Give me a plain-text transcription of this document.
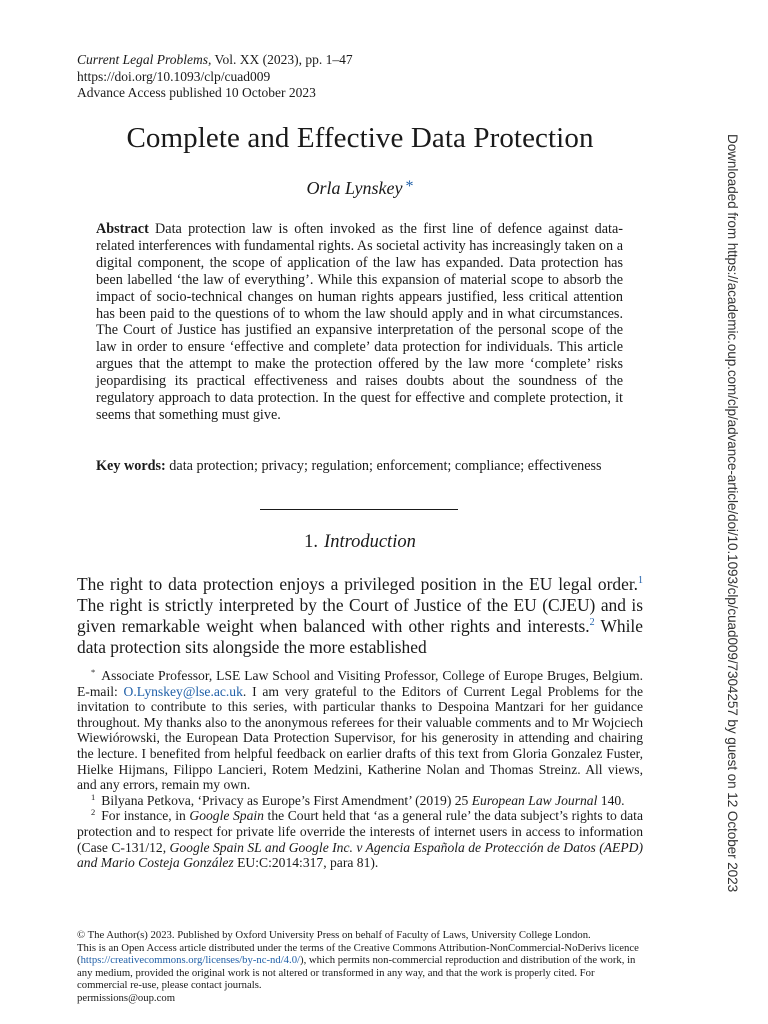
Current Legal Problems, Vol. XX (2023), pp. 1–47
https://doi.org/10.1093/clp/cuad009
Advance Access published 10 October 2023
Complete and Effective Data Protection
Orla Lynskey *

Abstract Data protection law is often invoked as the first line of defence against data-related interferences with fundamental rights. As societal activity has increasingly taken on a digital component, the scope of application of the law has expanded. Data protection has been labelled ‘the law of everything’. While this expansion of material scope to absorb the impact of socio-technical changes on human rights appears justified, less critical attention has been paid to the questions of to whom the law should apply and in what circumstances. The Court of Justice has justified an expansive interpretation of the personal scope of the law in order to ensure ‘effective and complete’ data protection for individuals. This article argues that the attempt to make the protection offered by the law more ‘complete’ risks jeopardising its practical effectiveness and raises doubts about the soundness of the regulatory approach to data protection. In the quest for effective and complete protection, it seems that something must give.

Key words: data protection; privacy; regulation; enforcement; compliance; effectiveness

1. Introduction

The right to data protection enjoys a privileged position in the EU legal order.$^1$ The right is strictly interpreted by the Court of Justice of the EU (CJEU) and is given remarkable weight when balanced with other rights and interests.$^2$ While data protection sits alongside the more established

* Associate Professor, LSE Law School and Visiting Professor, College of Europe Bruges, Belgium. E-mail: O.Lynskey@lse.ac.uk. I am very grateful to the Editors of Current Legal Problems for the invitation to contribute to this series, with particular thanks to Despoina Mantzari for her guidance throughout. My thanks also to the anonymous referees for their valuable comments and to Mr Wojciech Wiewiórowski, the European Data Protection Supervisor, for his generosity in attending and chairing the lecture. I benefited from helpful feedback on earlier drafts of this text from Gloria Gonzalez Fuster, Hielke Hijmans, Filippo Lancieri, Rotem Medzini, Katherine Nolan and Thomas Streinz. All views, and any errors, remain my own.

$^1$ Bilyana Petkova, ‘Privacy as Europe’s First Amendment’ (2019) 25 European Law Journal 140.

$^2$ For instance, in Google Spain the Court held that ‘as a general rule’ the data subject’s rights to data protection and to respect for private life override the interests of internet users in access to information (Case C-131/12, Google Spain SL and Google Inc. v Agencia Española de Protección de Datos (AEPD) and Mario Costeja González EU:C:2014:317, para 81).

© The Author(s) 2023. Published by Oxford University Press on behalf of Faculty of Laws, University College London.

This is an Open Access article distributed under the terms of the Creative Commons Attribution-NonCommercial-NoDerivs licence (https://creativecommons.org/licenses/by-nc-nd/4.0/), which permits non-commercial reproduction and distribution of the work, in any medium, provided the original work is not altered or transformed in any way, and that the work is properly cited. For commercial re-use, please contact journals.

permissions@oup.com

Downloaded from https://academic.oup.com/clp/advance-article/doi/10.1093/clp/cuad009/7304257 by guest on 12 October 2023
